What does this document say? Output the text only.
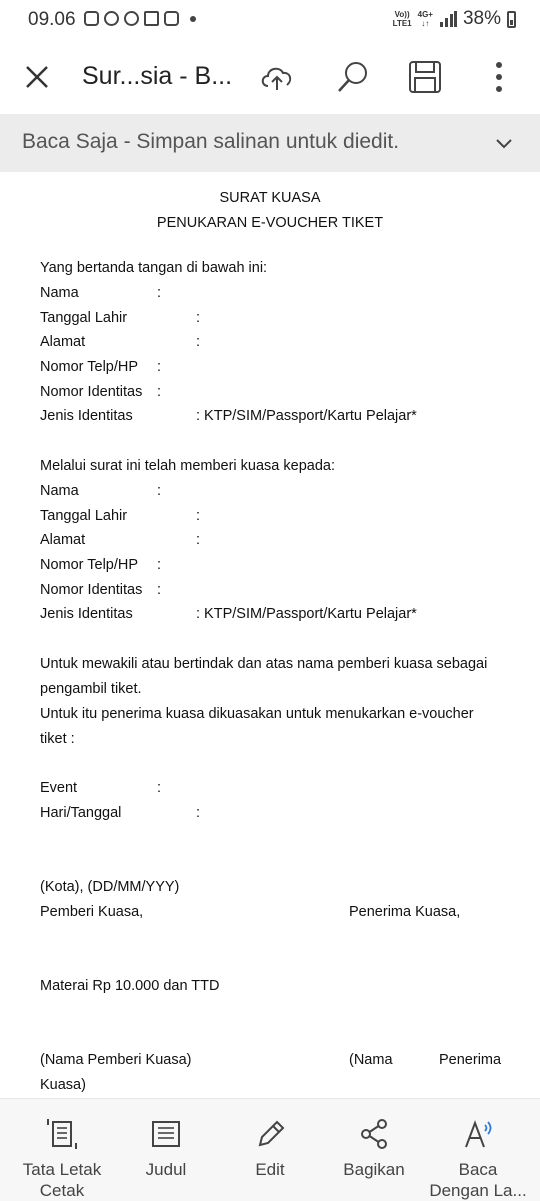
09.06	Vo))
LTE1
4G+
↓↑ 38%
Sur...sia - B...
Baca Saja - Simpan salinan untuk diedit.
SURAT KUASA
PENUKARAN E-VOUCHER TIKET
Yang bertanda tangan di bawah ini:
Nama	:
Tanggal Lahir	:
Alamat	:
Nomor Telp/HP :
Nomor Identitas :
Jenis Identitas	: KTP/SIM/Passport/Kartu Pelajar*
Melalui surat ini telah memberi kuasa kepada:
Nama	:
Tanggal Lahir	:
Alamat	:
Nomor Telp/HP :
Nomor Identitas :
Jenis Identitas	: KTP/SIM/Passport/Kartu Pelajar*
Untuk mewakili atau bertindak dan atas nama pemberi kuasa sebagai
pengambil tiket.
Untuk itu penerima kuasa dikuasakan untuk menukarkan e-voucher
tiket :
Event	:
Hari/Tanggal	:
(Kota), (DD/MM/YYY)
Pemberi Kuasa,	Penerima Kuasa,
Materai Rp 10.000 dan TTD
(Nama Pemberi Kuasa)	(Nama	Penerima
Kuasa)
Tata Letak
Cetak
Judul	Edit	Bagikan	Baca
Dengan La...
